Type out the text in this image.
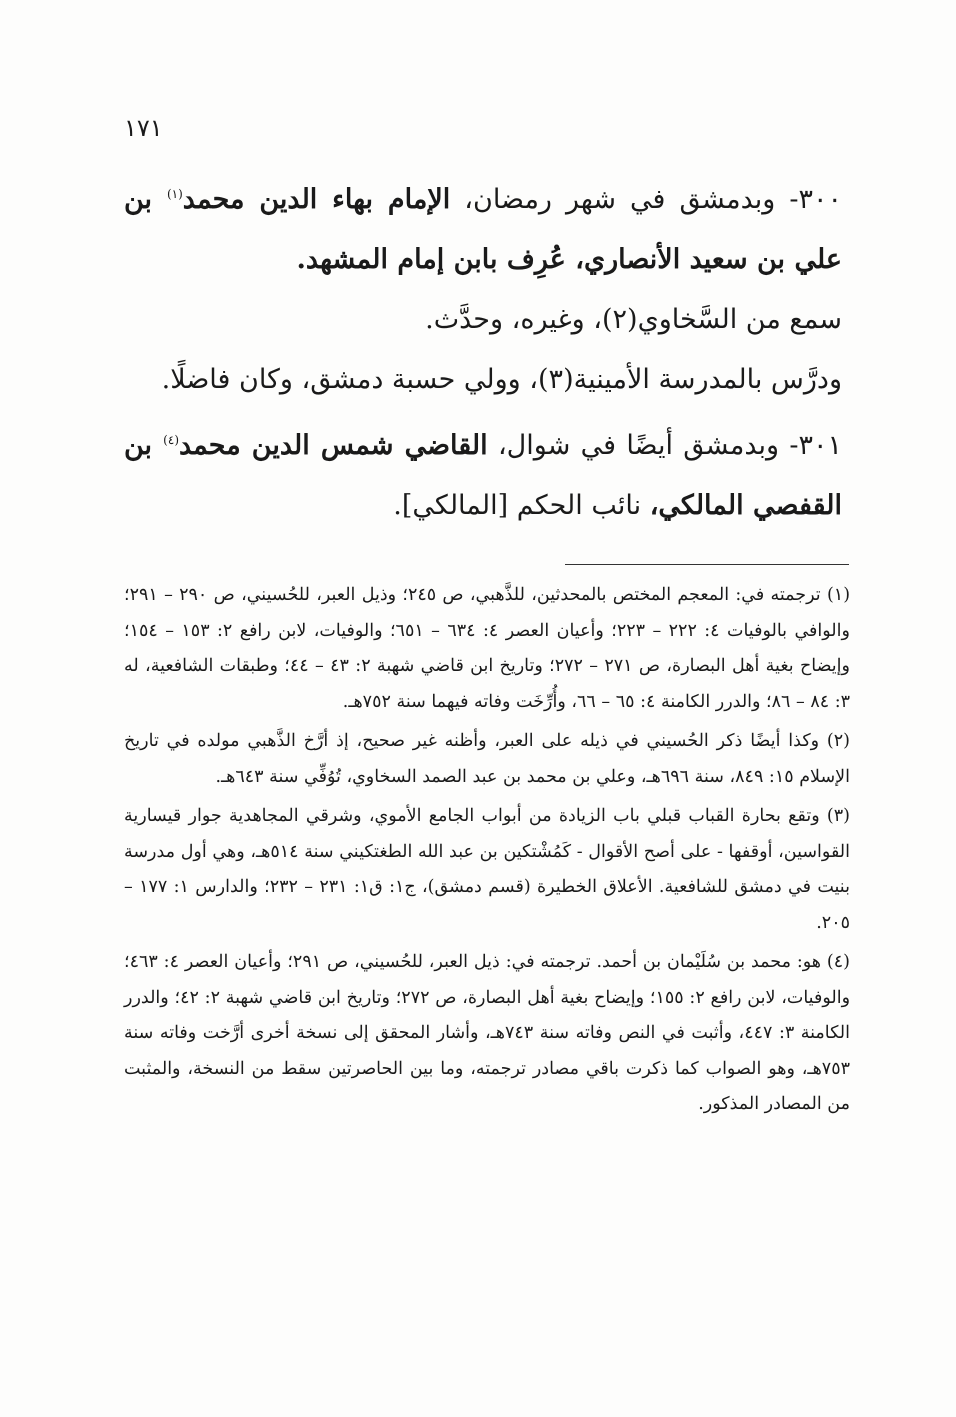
١٧١

٣٠٠- وبدمشق في شهر رمضان، الإمام بهاء الدين محمد$^{(١)}$ بن علي بن سعيد الأنصاري، عُرِف بابن إمام المشهد.

سمع من السَّخاوي(٢)، وغيره، وحدَّث.

ودرَّس بالمدرسة الأمينية(٣)، وولي حسبة دمشق، وكان فاضلًا.

٣٠١- وبدمشق أيضًا في شوال، القاضي شمس الدين محمد$^{(٤)}$ بن القفصي المالكي، نائب الحكم [المالكي].

(١) ترجمته في: المعجم المختص بالمحدثين، للذَّهبي، ص ٢٤٥؛ وذيل العبر، للحُسيني، ص ٢٩٠ – ٢٩١؛ والوافي بالوفيات ٤: ٢٢٢ – ٢٢٣؛ وأعيان العصر ٤: ٦٣٤ – ٦٥١؛ والوفيات، لابن رافع ٢: ١٥٣ – ١٥٤؛ وإيضاح بغية أهل البصارة، ص ٢٧١ – ٢٧٢؛ وتاريخ ابن قاضي شهبة ٢: ٤٣ – ٤٤؛ وطبقات الشافعية، له ٣: ٨٤ – ٨٦؛ والدرر الكامنة ٤: ٦٥ – ٦٦، وأُرِّخَت وفاته فيهما سنة ٧٥٢هـ.

(٢) وكذا أيضًا ذكر الحُسيني في ذيله على العبر، وأظنه غير صحيح، إذ أرَّخ الذَّهبي مولده في تاريخ الإسلام ١٥: ٨٤٩، سنة ٦٩٦هـ، وعلي بن محمد بن عبد الصمد السخاوي، تُوُفِّي سنة ٦٤٣هـ.

(٣) وتقع بحارة القباب قبلي باب الزيادة من أبواب الجامع الأموي، وشرقي المجاهدية جوار قيسارية القواسين، أوقفها - على أصح الأقوال - كَمُشْتكين بن عبد الله الطغتكيني سنة ٥١٤هـ، وهي أول مدرسة بنيت في دمشق للشافعية. الأعلاق الخطيرة (قسم دمشق)، ج١: ق١: ٢٣١ – ٢٣٢؛ والدارس ١: ١٧٧ – ٢٠٥.

(٤) هو: محمد بن سُلَيْمان بن أحمد. ترجمته في: ذيل العبر، للحُسيني، ص ٢٩١؛ وأعيان العصر ٤: ٤٦٣؛ والوفيات، لابن رافع ٢: ١٥٥؛ وإيضاح بغية أهل البصارة، ص ٢٧٢؛ وتاريخ ابن قاضي شهبة ٢: ٤٢؛ والدرر الكامنة ٣: ٤٤٧، وأثبت في النص وفاته سنة ٧٤٣هـ، وأشار المحقق إلى نسخة أخرى أرَّخت وفاته سنة ٧٥٣هـ، وهو الصواب كما ذكرت باقي مصادر ترجمته، وما بين الحاصرتين سقط من النسخة، والمثبت من المصادر المذكور.
